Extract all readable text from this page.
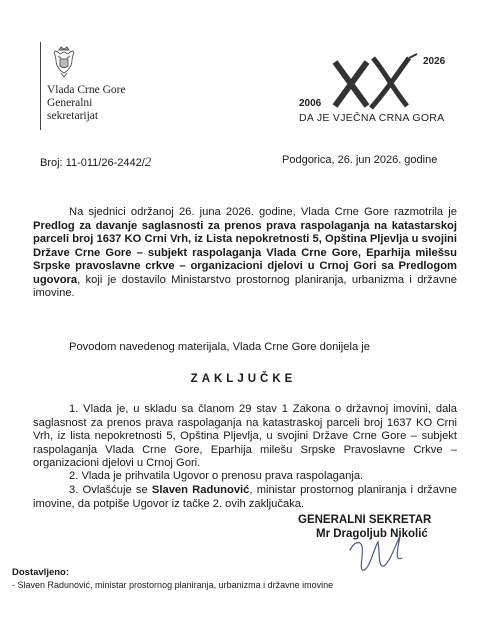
Vlada Crne Gore
Generalni
sekretarijat
2026
2006
DA JE VJEČNA CRNA GORA
Broj: 11-011/26-2442/2	Podgorica, 26. jun 2026. godine
Na sjednici održanoj 26. juna 2026. godine, Vlada Crne Gore razmotrila je Predlog za davanje saglasnosti za prenos prava raspolaganja na katastarskoj parceli broj 1637 KO Crni Vrh, iz Lista nepokretnosti 5, Opština Pljevlja u svojini Države Crne Gore – subjekt raspolaganja Vlada Crne Gore, Eparhija milešsu Srpske pravoslavne crkve – organizacioni djelovi u Crnoj Gori sa Predlogom ugovora, koji je dostavilo Ministarstvo prostornog planiranja, urbanizma i državne imovine.
Povodom navedenog materijala, Vlada Crne Gore donijela je
ZAKLJUČKE
1. Vlada je, u skladu sa članom 29 stav 1 Zakona o državnoj imovini, dala saglasnost za prenos prava raspolaganja na katastraskoj parceli broj 1637 KO Crni Vrh, iz lista nepokretnosti 5, Opština Pljevlja, u svojini Države Crne Gore – subjekt raspolaganja Vlada Crne Gore, Eparhija milešu Srpske Pravoslavne Crkve – organizacioni djelovi u Crnoj Gori.
2. Vlada je prihvatila Ugovor o prenosu prava raspolaganja.
3. Ovlašćuje se Slaven Radunović, ministar prostornog planiranja i državne imovine, da potpiše Ugovor iz tačke 2. ovih zaključaka.
GENERALNI SEKRETAR
Mr Dragoljub Nikolić
Dostavljeno:
- Slaven Radunović, ministar prostornog planiranja, urbanizma i državne imovine
